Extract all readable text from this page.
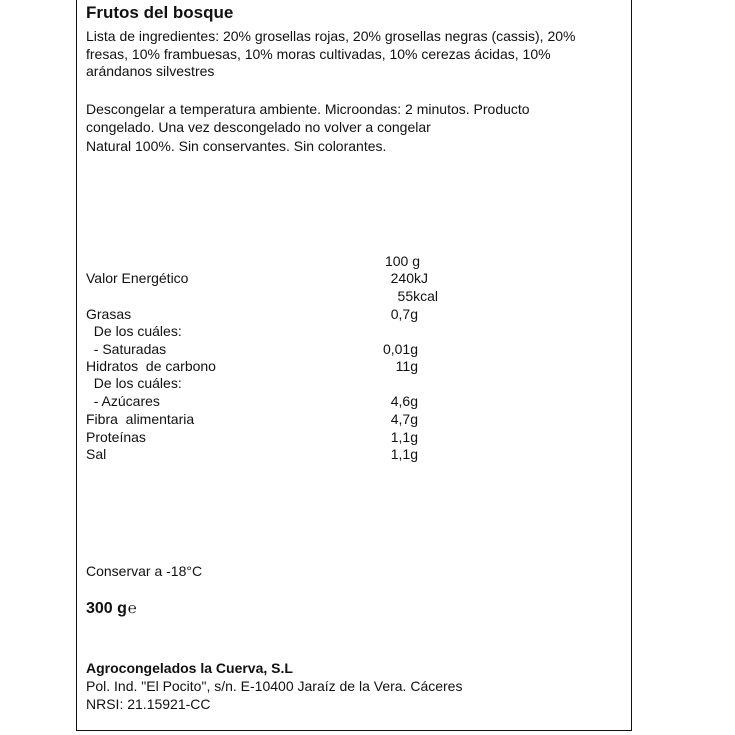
Frutos del bosque
Lista de ingredientes: 20% grosellas rojas, 20% grosellas negras (cassis), 20%
fresas, 10% frambuesas, 10% moras cultivadas, 10% cerezas ácidas, 10%
arándanos silvestres
Descongelar a temperatura ambiente. Microondas: 2 minutos. Producto
congelado. Una vez descongelado no volver a congelar
Natural 100%. Sin conservantes. Sin colorantes.
100 g
Valor Energético	240kJ
55kcal
Grasas	0,7g
De los cuáles:
- Saturadas	0,01g
Hidratos  de carbono	11g
De los cuáles:
- Azúcares	4,6g
Fibra  alimentaria	4,7g
Proteínas	1,1g
Sal	1,1g
Conservar a -18°C
300 g℮
Agrocongelados la Cuerva, S.L
Pol. Ind. "El Pocito", s/n. E-10400 Jaraíz de la Vera. Cáceres
NRSI: 21.15921-CC
